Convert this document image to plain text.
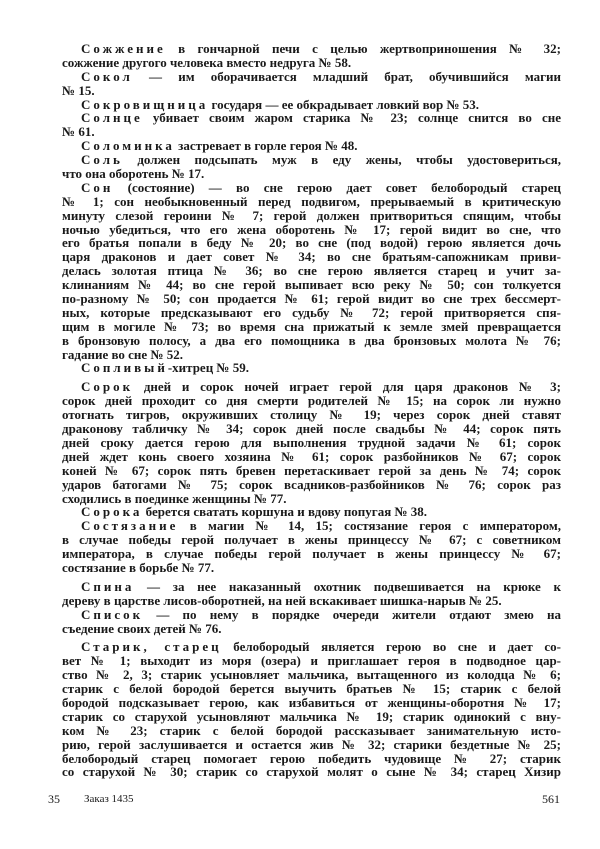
Сожжение в гончарной печи с целью жертвоприношения № 32;
сожжение другого человека вместо недруга № 58.
Сокол — им оборачивается младший брат, обучившийся магии
№ 15.
Сокровищница государя — ее обкрадывает ловкий вор № 53.
Солнце убивает своим жаром старика № 23; солнце снится во сне
№ 61.
Соломинка застревает в горле героя № 48.
Соль должен подсыпать муж в еду жены, чтобы удостовериться,
что она оборотень № 17.
Сон (состояние) — во сне герою дает совет белобородый старец
№ 1; сон необыкновенный перед подвигом, прерываемый в критическую
минуту слезой героини № 7; герой должен притвориться спящим, чтобы
ночью убедиться, что его жена оборотень № 17; герой видит во сне, что
его братья попали в беду № 20; во сне (под водой) герою является дочь
царя драконов и дает совет № 34; во сне братьям-сапожникам приви-
делась золотая птица № 36; во сне герою является старец и учит за-
клинаниям № 44; во сне герой выпивает всю реку № 50; сон толкуется
по-разному № 50; сон продается № 61; герой видит во сне трех бессмерт-
ных, которые предсказывают его судьбу № 72; герой притворяется спя-
щим в могиле № 73; во время сна прижатый к земле змей превращается
в бронзовую полосу, а два его помощника в два бронзовых молота № 76;
гадание во сне № 52.
Сопливый-хитрец № 59.
Сорок дней и сорок ночей играет герой для царя драконов № 3;
сорок дней проходит со дня смерти родителей № 15; на сорок ли нужно
отогнать тигров, окруживших столицу № 19; через сорок дней ставят
драконову табличку № 34; сорок дней после свадьбы № 44; сорок пять
дней сроку дается герою для выполнения трудной задачи № 61; сорок
дней ждет конь своего хозяина № 61; сорок разбойников № 67; сорок
коней № 67; сорок пять бревен перетаскивает герой за день № 74; сорок
ударов батогами № 75; сорок всадников-разбойников № 76; сорок раз
сходились в поединке женщины № 77.
Сорока берется сватать коршуна и вдову попугая № 38.
Состязание в магии № 14, 15; состязание героя с императором,
в случае победы герой получает в жены принцессу № 67; с советником
императора, в случае победы герой получает в жены принцессу № 67;
состязание в борьбе № 77.
Спина — за нее наказанный охотник подвешивается на крюке к
дереву в царстве лисов-оборотней, на ней вскакивает шишка-нарыв № 25.
Список — по нему в порядке очереди жители отдают змею на
съедение своих детей № 76.
Старик, старец белобородый является герою во сне и дает со-
вет № 1; выходит из моря (озера) и приглашает героя в подводное цар-
ство № 2, 3; старик усыновляет мальчика, вытащенного из колодца № 6;
старик с белой бородой берется выучить братьев № 15; старик с белой
бородой подсказывает герою, как избавиться от женщины-оборотня № 17;
старик со старухой усыновляют мальчика № 19; старик одинокий с вну-
ком № 23; старик с белой бородой рассказывает занимательную исто-
рию, герой заслушивается и остается жив № 32; старики бездетные № 25;
белобородый старец помогает герою победить чудовище № 27; старик
со старухой № 30; старик со старухой молят о сыне № 34; старец Хизир
35 Заказ 1435	561
